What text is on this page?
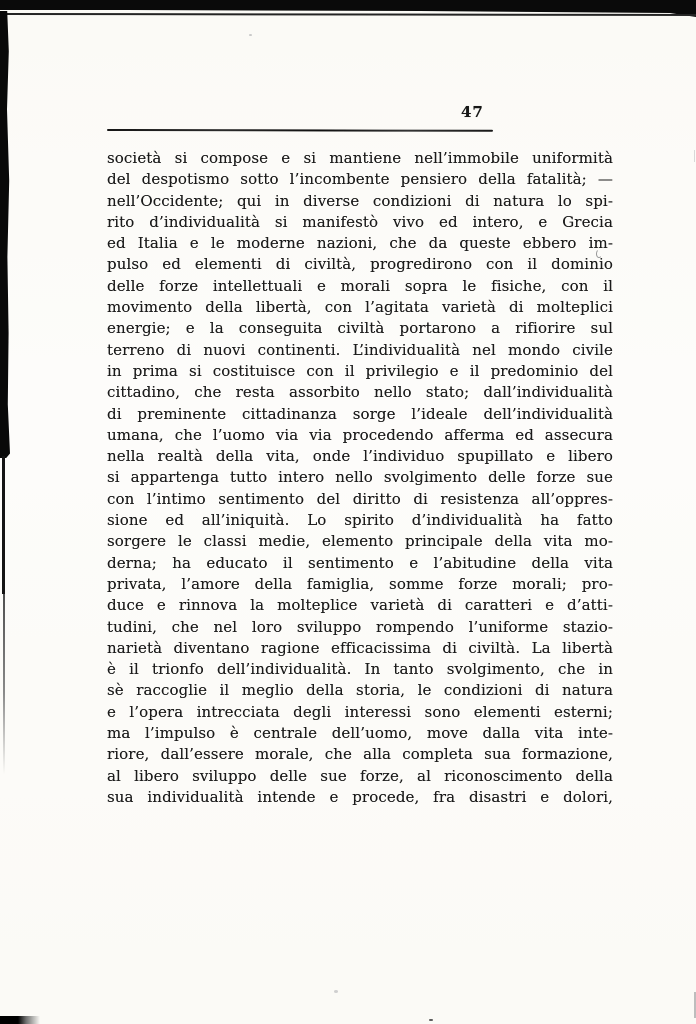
47
società si compose e si mantiene nell’immobile uniformità
del despotismo sotto l’incombente pensiero della fatalità; —
nell’Occidente; qui in diverse condizioni di natura lo spi-
rito d’individualità si manifestò vivo ed intero, e Grecia
ed Italia e le moderne nazioni, che da queste ebbero im-
pulso ed elementi di civiltà, progredirono con il dominio
delle forze intellettuali e morali sopra le fisiche, con il
movimento della libertà, con l’agitata varietà di molteplici
energie; e la conseguita civiltà portarono a rifiorire sul
terreno di nuovi continenti. L’individualità nel mondo civile
in prima si costituisce con il privilegio e il predominio del
cittadino, che resta assorbito nello stato; dall’individualità
di preminente cittadinanza sorge l’ideale dell’individualità
umana, che l’uomo via via procedendo afferma ed assecura
nella realtà della vita, onde l’individuo spupillato e libero
si appartenga tutto intero nello svolgimento delle forze sue
con l’intimo sentimento del diritto di resistenza all’oppres-
sione ed all’iniquità. Lo spirito d’individualità ha fatto
sorgere le classi medie, elemento principale della vita mo-
derna; ha educato il sentimento e l’abitudine della vita
privata, l’amore della famiglia, somme forze morali; pro-
duce e rinnova la molteplice varietà di caratteri e d’atti-
tudini, che nel loro sviluppo rompendo l’uniforme stazio-
narietà diventano ragione efficacissima di civiltà. La libertà
è il trionfo dell’individualità. In tanto svolgimento, che in
sè raccoglie il meglio della storia, le condizioni di natura
e l’opera intrecciata degli interessi sono elementi esterni;
ma l’impulso è centrale dell’uomo, move dalla vita inte-
riore, dall’essere morale, che alla completa sua formazione,
al libero sviluppo delle sue forze, al riconoscimento della
sua individualità intende e procede, fra disastri e dolori,
